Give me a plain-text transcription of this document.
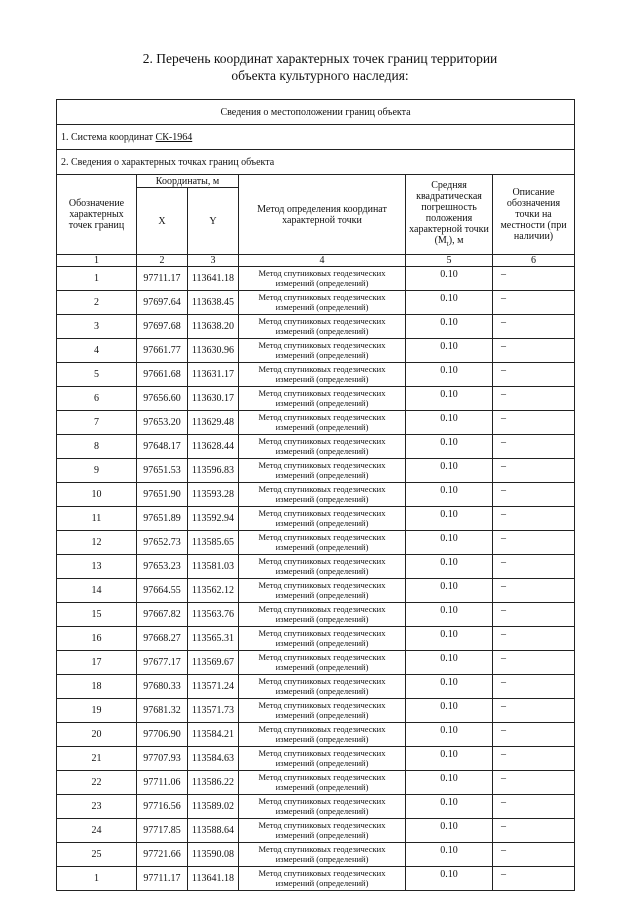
2. Перечень координат характерных точек границ территории
объекта культурного наследия:
Сведения о местоположении границ объекта					
1. Система координат СК-1964					
2. Сведения о характерных точках границ объекта					
Обозначение характерных точек границ	Координаты, м		Метод определения координат характерной точки	Средняя квадратическая погрешность положения характерной точки $(M_t)$, м	Описание обозначения точки на местности (при наличии)
	X	Y			
1	2	3	4	5	6
1	97711.17	113641.18	Метод спутниковых геодезических измерений (определений)	0.10	–
2	97697.64	113638.45	Метод спутниковых геодезических измерений (определений)	0.10	–
3	97697.68	113638.20	Метод спутниковых геодезических измерений (определений)	0.10	–
4	97661.77	113630.96	Метод спутниковых геодезических измерений (определений)	0.10	–
5	97661.68	113631.17	Метод спутниковых геодезических измерений (определений)	0.10	–
6	97656.60	113630.17	Метод спутниковых геодезических измерений (определений)	0.10	–
7	97653.20	113629.48	Метод спутниковых геодезических измерений (определений)	0.10	–
8	97648.17	113628.44	Метод спутниковых геодезических измерений (определений)	0.10	–
9	97651.53	113596.83	Метод спутниковых геодезических измерений (определений)	0.10	–
10	97651.90	113593.28	Метод спутниковых геодезических измерений (определений)	0.10	–
11	97651.89	113592.94	Метод спутниковых геодезических измерений (определений)	0.10	–
12	97652.73	113585.65	Метод спутниковых геодезических измерений (определений)	0.10	–
13	97653.23	113581.03	Метод спутниковых геодезических измерений (определений)	0.10	–
14	97664.55	113562.12	Метод спутниковых геодезических измерений (определений)	0.10	–
15	97667.82	113563.76	Метод спутниковых геодезических измерений (определений)	0.10	–
16	97668.27	113565.31	Метод спутниковых геодезических измерений (определений)	0.10	–
17	97677.17	113569.67	Метод спутниковых геодезических измерений (определений)	0.10	–
18	97680.33	113571.24	Метод спутниковых геодезических измерений (определений)	0.10	–
19	97681.32	113571.73	Метод спутниковых геодезических измерений (определений)	0.10	–
20	97706.90	113584.21	Метод спутниковых геодезических измерений (определений)	0.10	–
21	97707.93	113584.63	Метод спутниковых геодезических измерений (определений)	0.10	–
22	97711.06	113586.22	Метод спутниковых геодезических измерений (определений)	0.10	–
23	97716.56	113589.02	Метод спутниковых геодезических измерений (определений)	0.10	–
24	97717.85	113588.64	Метод спутниковых геодезических измерений (определений)	0.10	–
25	97721.66	113590.08	Метод спутниковых геодезических измерений (определений)	0.10	–
1	97711.17	113641.18	Метод спутниковых геодезических измерений (определений)	0.10	–
